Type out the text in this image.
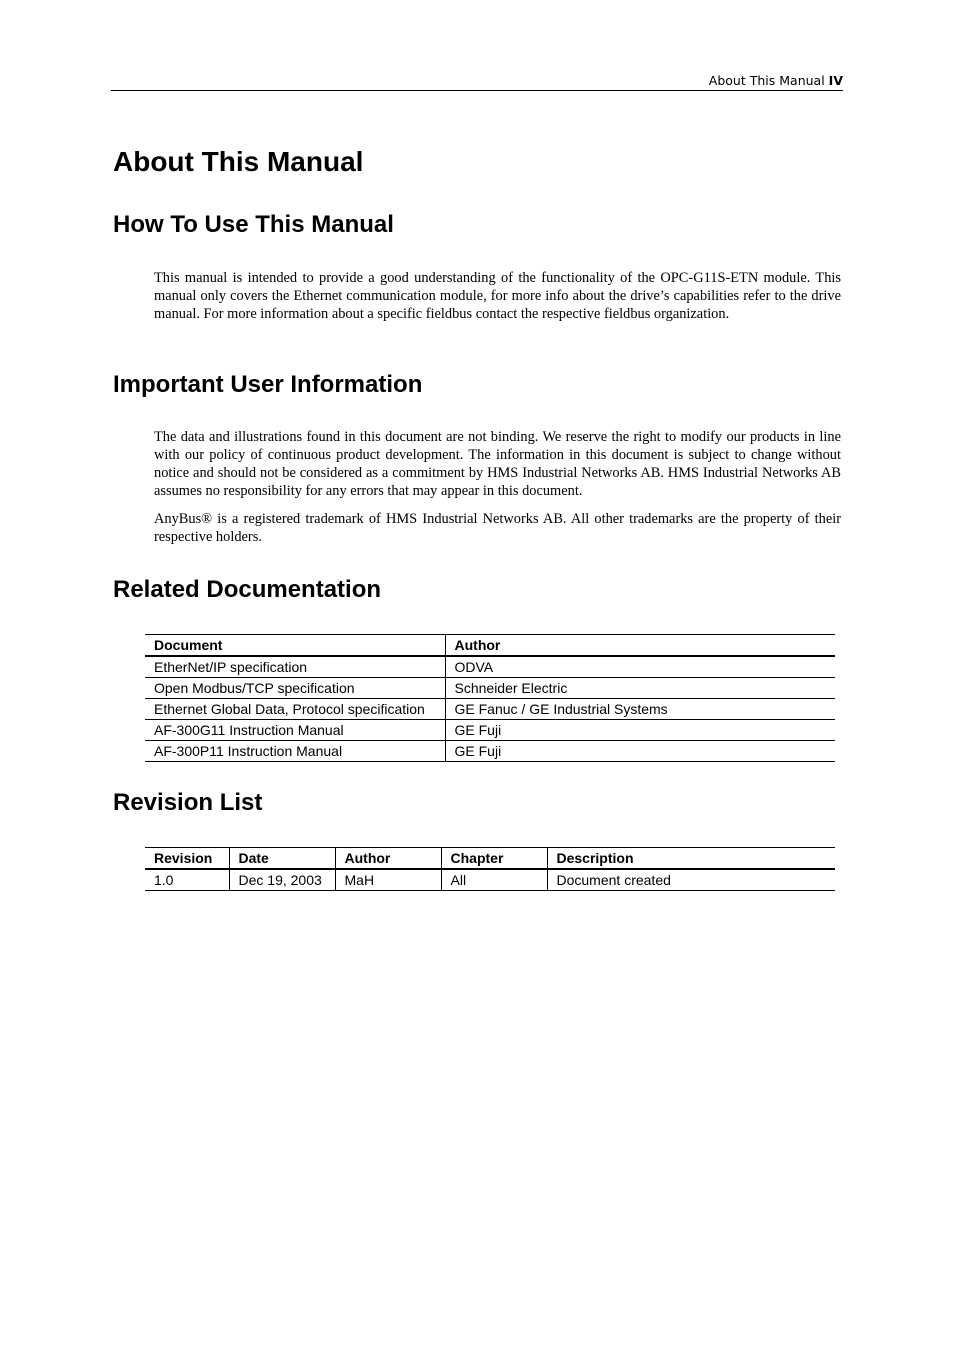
About This Manual IV
About This Manual
How To Use This Manual

This manual is intended to provide a good understanding of the functionality of the OPC-G11S-ETN module. This manual only covers the Ethernet communication module, for more info about the drive’s capabilities refer to the drive manual. For more information about a specific fieldbus contact the respective fieldbus organization.

Important User Information

The data and illustrations found in this document are not binding. We reserve the right to modify our products in line with our policy of continuous product development. The information in this document is subject to change without notice and should not be considered as a commitment by HMS Industrial Networks AB. HMS Industrial Networks AB assumes no responsibility for any errors that may appear in this document.

AnyBus® is a registered trademark of HMS Industrial Networks AB. All other trademarks are the property of their respective holders.

Related Documentation
Document	Author
EtherNet/IP specification	ODVA
Open Modbus/TCP specification	Schneider Electric
Ethernet Global Data, Protocol specification	GE Fanuc / GE Industrial Systems
AF-300G11 Instruction Manual	GE Fuji
AF-300P11 Instruction Manual	GE Fuji
Revision List
Revision	Date	Author	Chapter	Description
1.0	Dec 19, 2003	MaH	All	Document created
